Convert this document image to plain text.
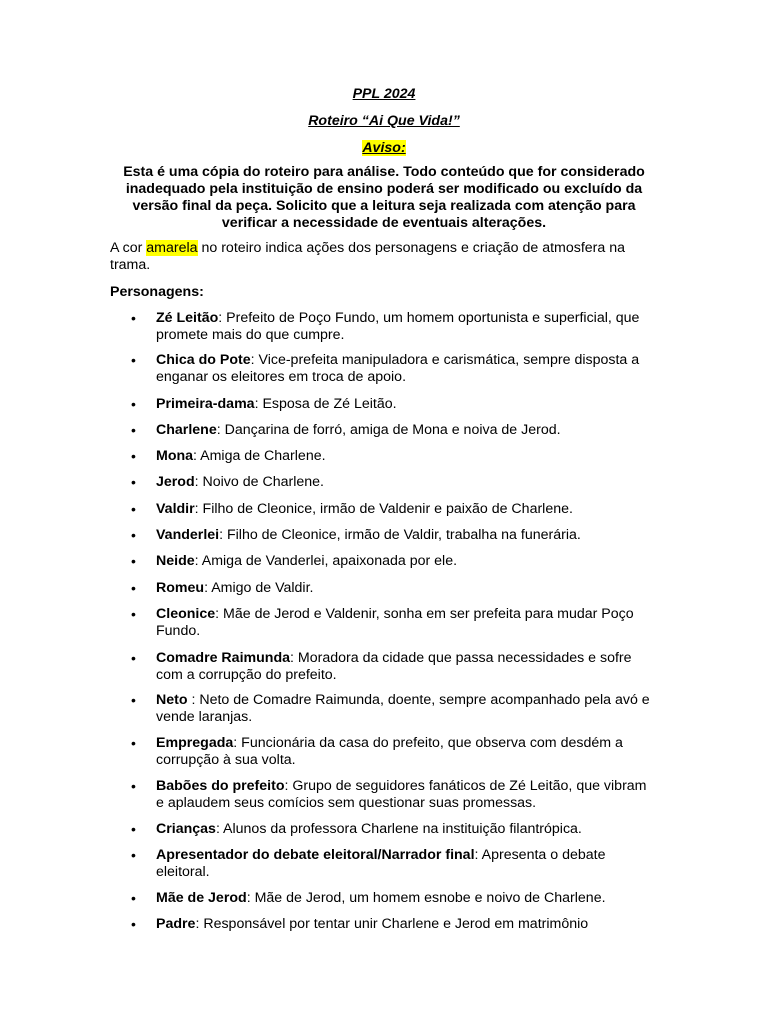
PPL 2024
Roteiro “Ai Que Vida!”
Aviso:
Esta é uma cópia do roteiro para análise. Todo conteúdo que for considerado inadequado pela instituição de ensino poderá ser modificado ou excluído da versão final da peça. Solicito que a leitura seja realizada com atenção para verificar a necessidade de eventuais alterações.
A cor amarela no roteiro indica ações dos personagens e criação de atmosfera na trama.
Personagens:
• Zé Leitão: Prefeito de Poço Fundo, um homem oportunista e superficial, que promete mais do que cumpre.
• Chica do Pote: Vice-prefeita manipuladora e carismática, sempre disposta a enganar os eleitores em troca de apoio.
• Primeira-dama: Esposa de Zé Leitão.
• Charlene: Dançarina de forró, amiga de Mona e noiva de Jerod.
• Mona: Amiga de Charlene.
• Jerod: Noivo de Charlene.
• Valdir: Filho de Cleonice, irmão de Valdenir e paixão de Charlene.
• Vanderlei: Filho de Cleonice, irmão de Valdir, trabalha na funerária.
• Neide: Amiga de Vanderlei, apaixonada por ele.
• Romeu: Amigo de Valdir.
• Cleonice: Mãe de Jerod e Valdenir, sonha em ser prefeita para mudar Poço Fundo.
• Comadre Raimunda: Moradora da cidade que passa necessidades e sofre com a corrupção do prefeito.
• Neto : Neto de Comadre Raimunda, doente, sempre acompanhado pela avó e vende laranjas.
• Empregada: Funcionária da casa do prefeito, que observa com desdém a corrupção à sua volta.
• Babões do prefeito: Grupo de seguidores fanáticos de Zé Leitão, que vibram e aplaudem seus comícios sem questionar suas promessas.
• Crianças: Alunos da professora Charlene na instituição filantrópica.
• Apresentador do debate eleitoral/Narrador final: Apresenta o debate eleitoral.
• Mãe de Jerod: Mãe de Jerod, um homem esnobe e noivo de Charlene.
• Padre: Responsável por tentar unir Charlene e Jerod em matrimônio
